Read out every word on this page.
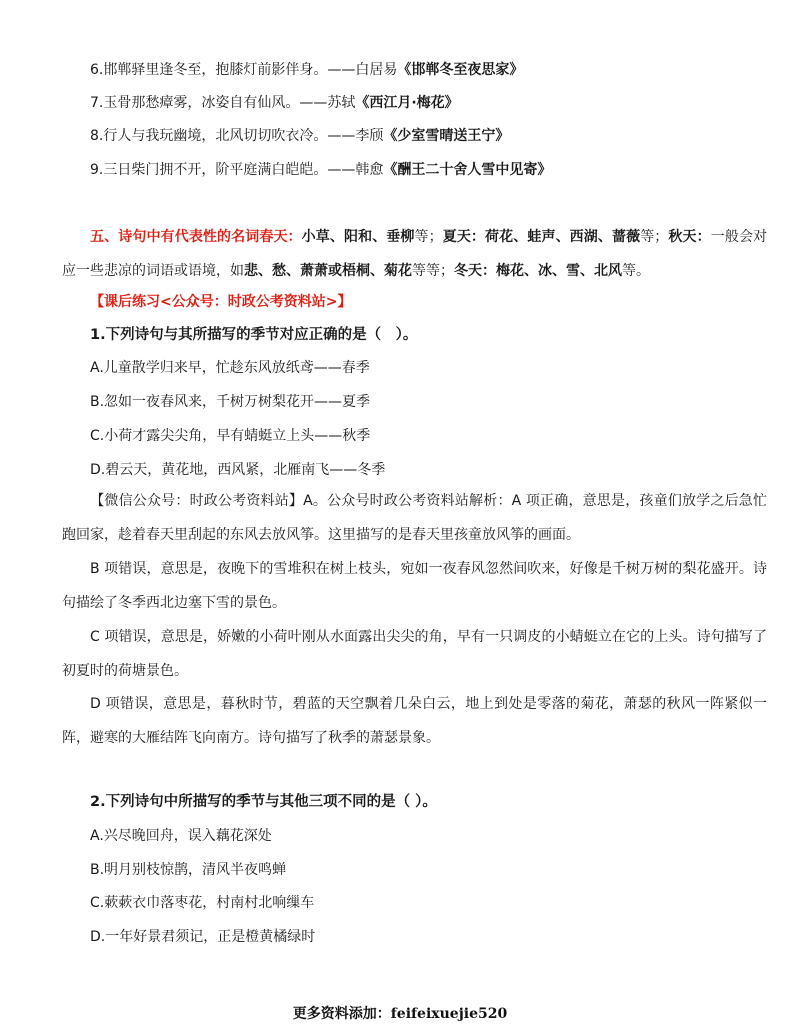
6.邯郸驿里逢冬至，抱膝灯前影伴身。——白居易《邯郸冬至夜思家》
7.玉骨那愁瘴雾，冰姿自有仙风。——苏轼《西江月·梅花》
8.行人与我玩幽境，北风切切吹衣冷。——李颀《少室雪晴送王宁》
9.三日柴门拥不开，阶平庭满白皑皑。——韩愈《酬王二十舍人雪中见寄》
五、诗句中有代表性的名词春天：小草、阳和、垂柳等；夏天：荷花、蛙声、西湖、蔷薇等；秋天：一般会对应一些悲凉的词语或语境，如悲、愁、萧萧或梧桐、菊花等等；冬天：梅花、冰、雪、北风等。
【课后练习<公众号：时政公考资料站>】
1.下列诗句与其所描写的季节对应正确的是（　）。
A.儿童散学归来早，忙趁东风放纸鸢——春季
B.忽如一夜春风来，千树万树梨花开——夏季
C.小荷才露尖尖角，早有蜻蜓立上头——秋季
D.碧云天，黄花地，西风紧，北雁南飞——冬季
【微信公众号：时政公考资料站】A。公众号时政公考资料站解析：A 项正确，意思是，孩童们放学之后急忙跑回家，趁着春天里刮起的东风去放风筝。这里描写的是春天里孩童放风筝的画面。
B 项错误，意思是，夜晚下的雪堆积在树上枝头，宛如一夜春风忽然间吹来，好像是千树万树的梨花盛开。诗句描绘了冬季西北边塞下雪的景色。
C 项错误，意思是，娇嫩的小荷叶刚从水面露出尖尖的角，早有一只调皮的小蜻蜓立在它的上头。诗句描写了初夏时的荷塘景色。
D 项错误，意思是，暮秋时节，碧蓝的天空飘着几朵白云，地上到处是零落的菊花，萧瑟的秋风一阵紧似一阵，避寒的大雁结阵飞向南方。诗句描写了秋季的萧瑟景象。
2.下列诗句中所描写的季节与其他三项不同的是（ ）。
A.兴尽晚回舟，误入藕花深处
B.明月别枝惊鹊，清风半夜鸣蝉
C.蔌蔌衣巾落枣花，村南村北响缫车
D.一年好景君须记，正是橙黄橘绿时
更多资料添加：feifeixuejie520
